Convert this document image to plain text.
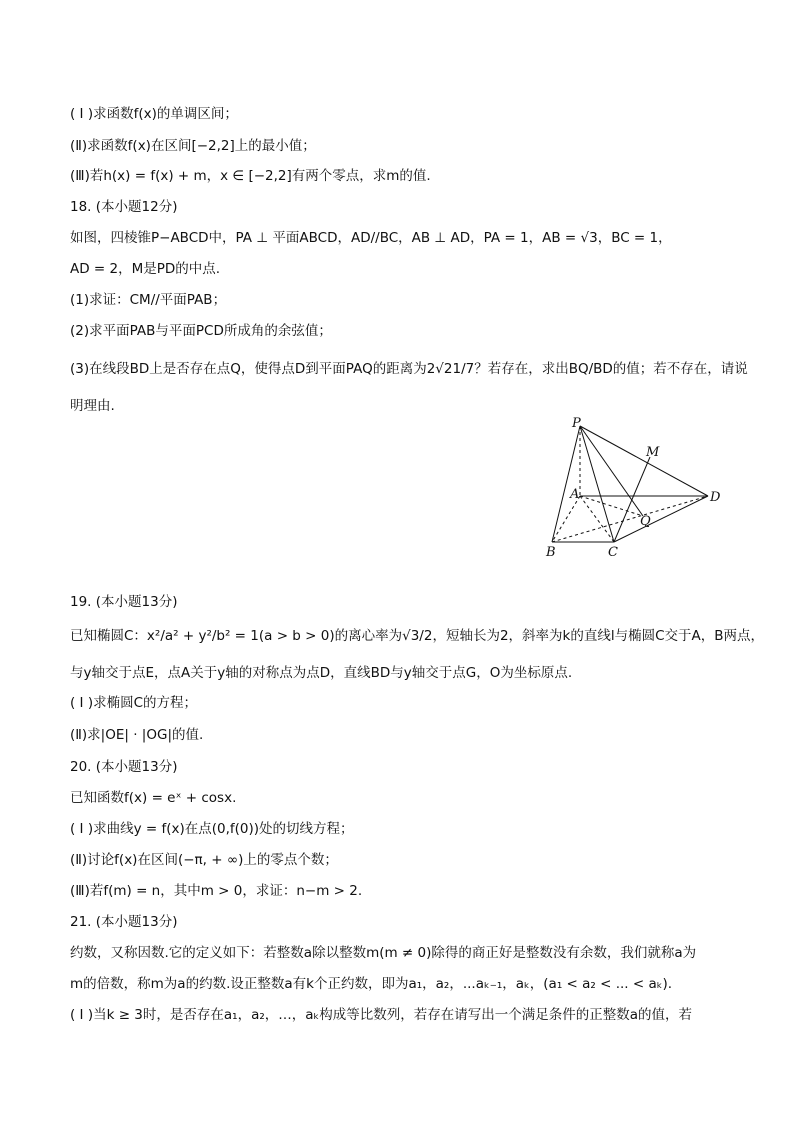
( Ⅰ )求函数f(x)的单调区间；
(Ⅱ)求函数f(x)在区间[−2,2]上的最小值；
(Ⅲ)若h(x) = f(x) + m，x ∈ [−2,2]有两个零点，求m的值.
18. (本小题12分)
如图，四棱锥P−ABCD中，PA ⊥ 平面ABCD，AD//BC，AB ⊥ AD，PA = 1，AB = √3，BC = 1，
AD = 2，M是PD的中点.
(1)求证：CM//平面PAB；
(2)求平面PAB与平面PCD所成角的余弦值；
(3)在线段BD上是否存在点Q，使得点D到平面PAQ的距离为2√21/7？若存在，求出BQ/BD的值；若不存在，请说
明理由.
P
M
A	D
Q
B	C
19. (本小题13分)
已知椭圆C：x²/a² + y²/b² = 1(a > b > 0)的离心率为√3/2，短轴长为2，斜率为k的直线l与椭圆C交于A，B两点，
与y轴交于点E，点A关于y轴的对称点为点D，直线BD与y轴交于点G，O为坐标原点.
( Ⅰ )求椭圆C的方程；
(Ⅱ)求|OE| · |OG|的值.
20. (本小题13分)
已知函数f(x) = eˣ + cosx.
( Ⅰ )求曲线y = f(x)在点(0,f(0))处的切线方程；
(Ⅱ)讨论f(x)在区间(−π, + ∞)上的零点个数；
(Ⅲ)若f(m) = n，其中m > 0，求证：n−m > 2.
21. (本小题13分)
约数，又称因数.它的定义如下：若整数a除以整数m(m ≠ 0)除得的商正好是整数没有余数，我们就称a为
m的倍数，称m为a的约数.设正整数a有k个正约数，即为a₁，a₂，...aₖ₋₁，aₖ，(a₁ < a₂ < ... < aₖ).
( Ⅰ )当k ≥ 3时，是否存在a₁，a₂，…，aₖ构成等比数列，若存在请写出一个满足条件的正整数a的值，若
